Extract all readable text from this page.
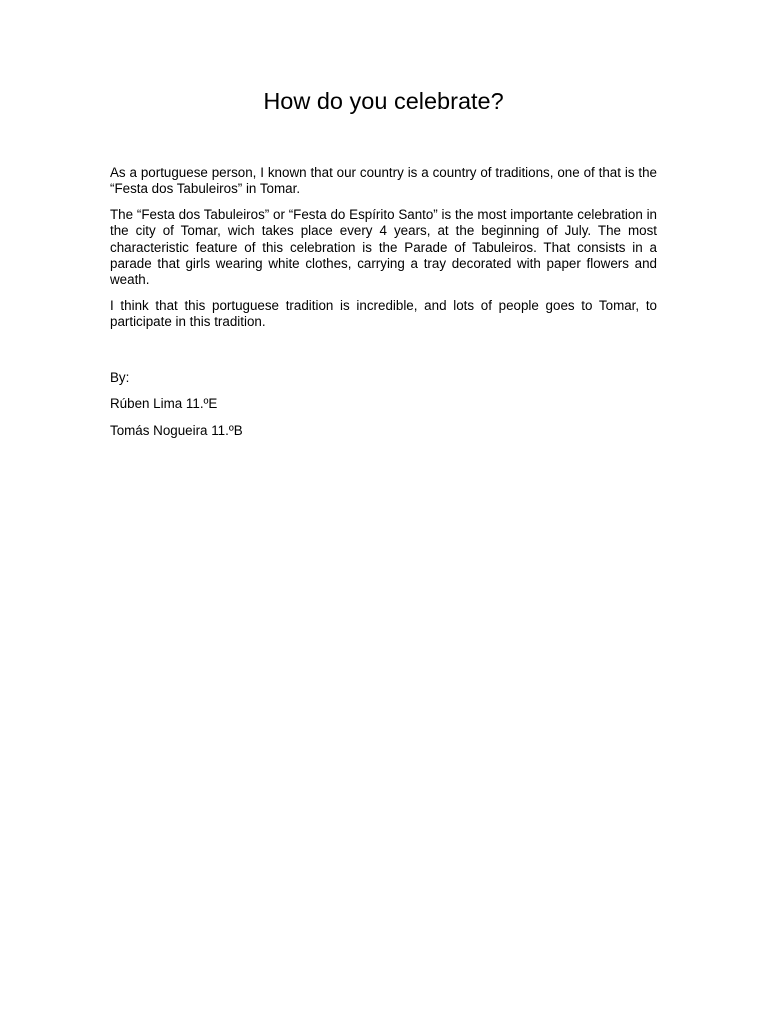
How do you celebrate?

As a portuguese person, I known that our country is a country of traditions, one of that is the “Festa dos Tabuleiros” in Tomar.

The “Festa dos Tabuleiros” or “Festa do Espírito Santo” is the most importante celebration in the city of Tomar, wich takes place every 4 years, at the beginning of July. The most characteristic feature of this celebration is the Parade of Tabuleiros. That consists in a parade that girls wearing white clothes, carrying a tray decorated with paper flowers and weath.

I think that this portuguese tradition is incredible, and lots of people goes to Tomar, to participate in this tradition.

By:

Rúben Lima 11.ºE

Tomás Nogueira 11.ºB
